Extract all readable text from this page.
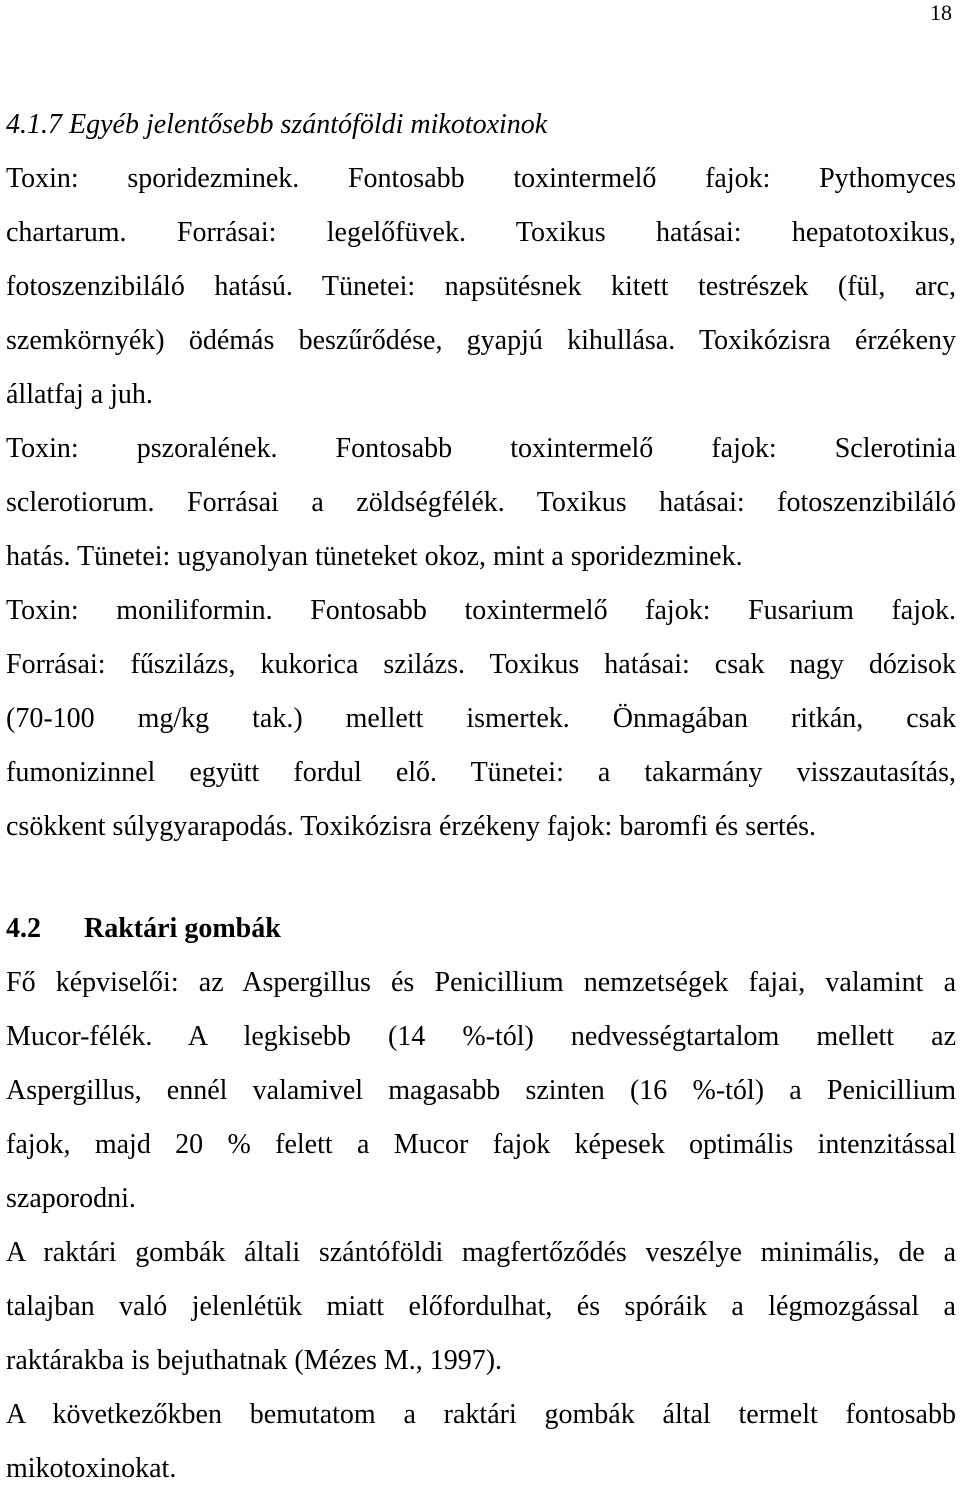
18
4.1.7 Egyéb jelentősebb szántóföldi mikotoxinok
Toxin: sporidezminek. Fontosabb toxintermelő fajok: Pythomyces
chartarum. Forrásai: legelőfüvek. Toxikus hatásai: hepatotoxikus,
fotoszenzibiláló hatású. Tünetei: napsütésnek kitett testrészek (fül, arc,
szemkörnyék) ödémás beszűrődése, gyapjú kihullása. Toxikózisra érzékeny
állatfaj a juh.
Toxin: pszoralének. Fontosabb toxintermelő fajok: Sclerotinia
sclerotiorum. Forrásai a zöldségfélék. Toxikus hatásai: fotoszenzibiláló
hatás. Tünetei: ugyanolyan tüneteket okoz, mint a sporidezminek.
Toxin: moniliformin. Fontosabb toxintermelő fajok: Fusarium fajok.
Forrásai: fűszilázs, kukorica szilázs. Toxikus hatásai: csak nagy dózisok
(70-100 mg/kg tak.) mellett ismertek. Önmagában ritkán, csak
fumonizinnel együtt fordul elő. Tünetei: a takarmány visszautasítás,
csökkent súlygyarapodás. Toxikózisra érzékeny fajok: baromfi és sertés.
4.2 Raktári gombák
Fő képviselői: az Aspergillus és Penicillium nemzetségek fajai, valamint a
Mucor-félék. A legkisebb (14 %-tól) nedvességtartalom mellett az
Aspergillus, ennél valamivel magasabb szinten (16 %-tól) a Penicillium
fajok, majd 20 % felett a Mucor fajok képesek optimális intenzitással
szaporodni.
A raktári gombák általi szántóföldi magfertőződés veszélye minimális, de a
talajban való jelenlétük miatt előfordulhat, és spóráik a légmozgással a
raktárakba is bejuthatnak (Mézes M., 1997).
A következőkben bemutatom a raktári gombák által termelt fontosabb
mikotoxinokat.
